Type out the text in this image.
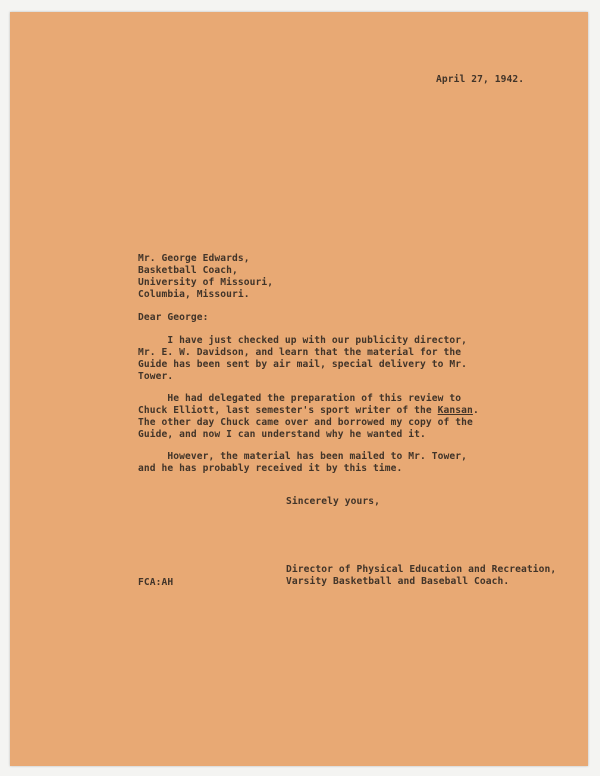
April 27, 1942.
Mr. George Edwards,
Basketball Coach,
University of Missouri,
Columbia, Missouri.
Dear George:
I have just checked up with our publicity director,
Mr. E. W. Davidson, and learn that the material for the
Guide has been sent by air mail, special delivery to Mr.
Tower.
He had delegated the preparation of this review to
Chuck Elliott, last semester's sport writer of the Kansan.
The other day Chuck came over and borrowed my copy of the
Guide, and now I can understand why he wanted it.
However, the material has been mailed to Mr. Tower,
and he has probably received it by this time.
Sincerely yours,
Director of Physical Education and Recreation,
Varsity Basketball and Baseball Coach.
FCA:AH
